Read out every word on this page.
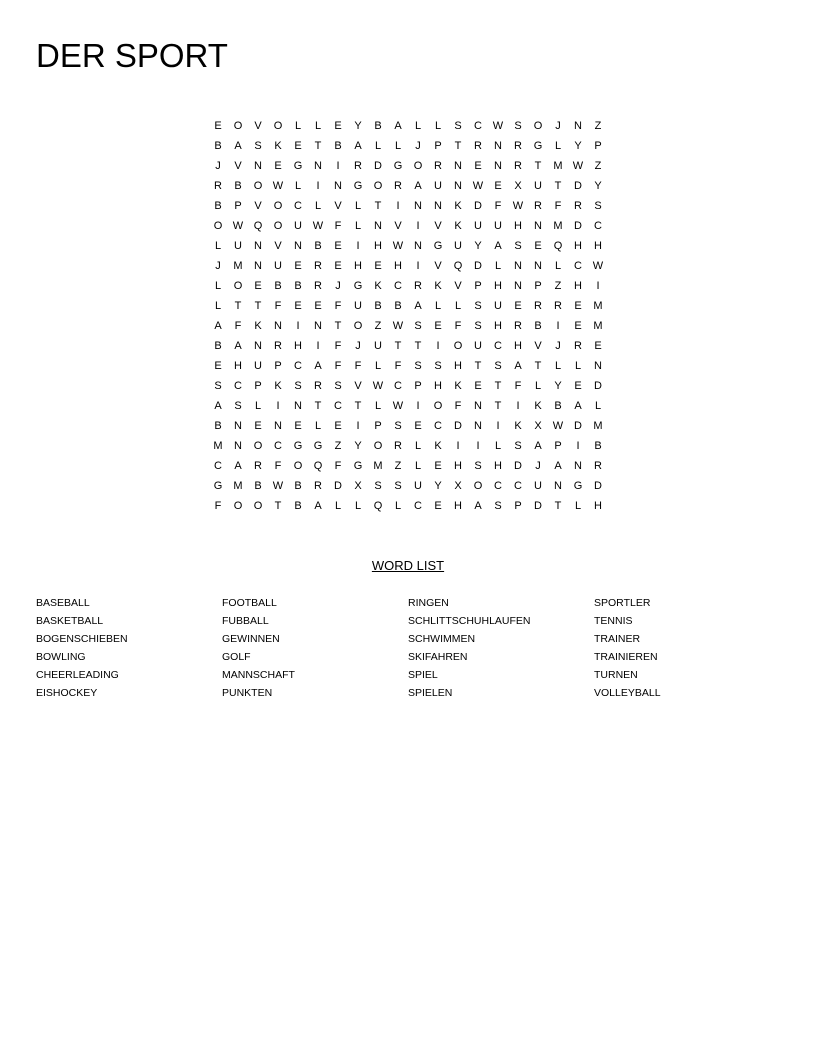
DER SPORT
E	O	V	O	L	L	E	Y	B	A	L	L	S	C	W	S	O	J	N	Z
B	A	S	K	E	T	B	A	L	L	J	P	T	R	N	R	G	L	Y	P
J	V	N	E	G	N	I	R	D	G	O	R	N	E	N	R	T	M	W	Z
R	B	O	W	L	I	N	G	O	R	A	U	N	W	E	X	U	T	D	Y
B	P	V	O	C	L	V	L	T	I	N	N	K	D	F	W	R	F	R	S
O	W	Q	O	U	W	F	L	N	V	I	V	K	U	U	H	N	M	D	C
L	U	N	V	N	B	E	I	H	W	N	G	U	Y	A	S	E	Q	H	H
J	M	N	U	E	R	E	H	E	H	I	V	Q	D	L	N	N	L	C	W
L	O	E	B	B	R	J	G	K	C	R	K	V	P	H	N	P	Z	H	I
L	T	T	F	E	E	F	U	B	B	A	L	L	S	U	E	R	R	E	M
A	F	K	N	I	N	T	O	Z	W	S	E	F	S	H	R	B	I	E	M
B	A	N	R	H	I	F	J	U	T	T	I	O	U	C	H	V	J	R	E
E	H	U	P	C	A	F	F	L	F	S	S	H	T	S	A	T	L	L	N
S	C	P	K	S	R	S	V	W	C	P	H	K	E	T	F	L	Y	E	D
A	S	L	I	N	T	C	T	L	W	I	O	F	N	T	I	K	B	A	L
B	N	E	N	E	L	E	I	P	S	E	C	D	N	I	K	X	W	D	M
M	N	O	C	G	G	Z	Y	O	R	L	K	I	I	L	S	A	P	I	B
C	A	R	F	O	Q	F	G	M	Z	L	E	H	S	H	D	J	A	N	R
G	M	B	W	B	R	D	X	S	S	U	Y	X	O	C	C	U	N	G	D
F	O	O	T	B	A	L	L	Q	L	C	E	H	A	S	P	D	T	L	H
WORD LIST
BASEBALL	FOOTBALL	RINGEN	SPORTLER
BASKETBALL	FUBBALL	SCHLITTSCHUHLAUFEN	TENNIS
BOGENSCHIEBEN	GEWINNEN	SCHWIMMEN	TRAINER
BOWLING	GOLF	SKIFAHREN	TRAINIEREN
CHEERLEADING	MANNSCHAFT	SPIEL	TURNEN
EISHOCKEY	PUNKTEN	SPIELEN	VOLLEYBALL
